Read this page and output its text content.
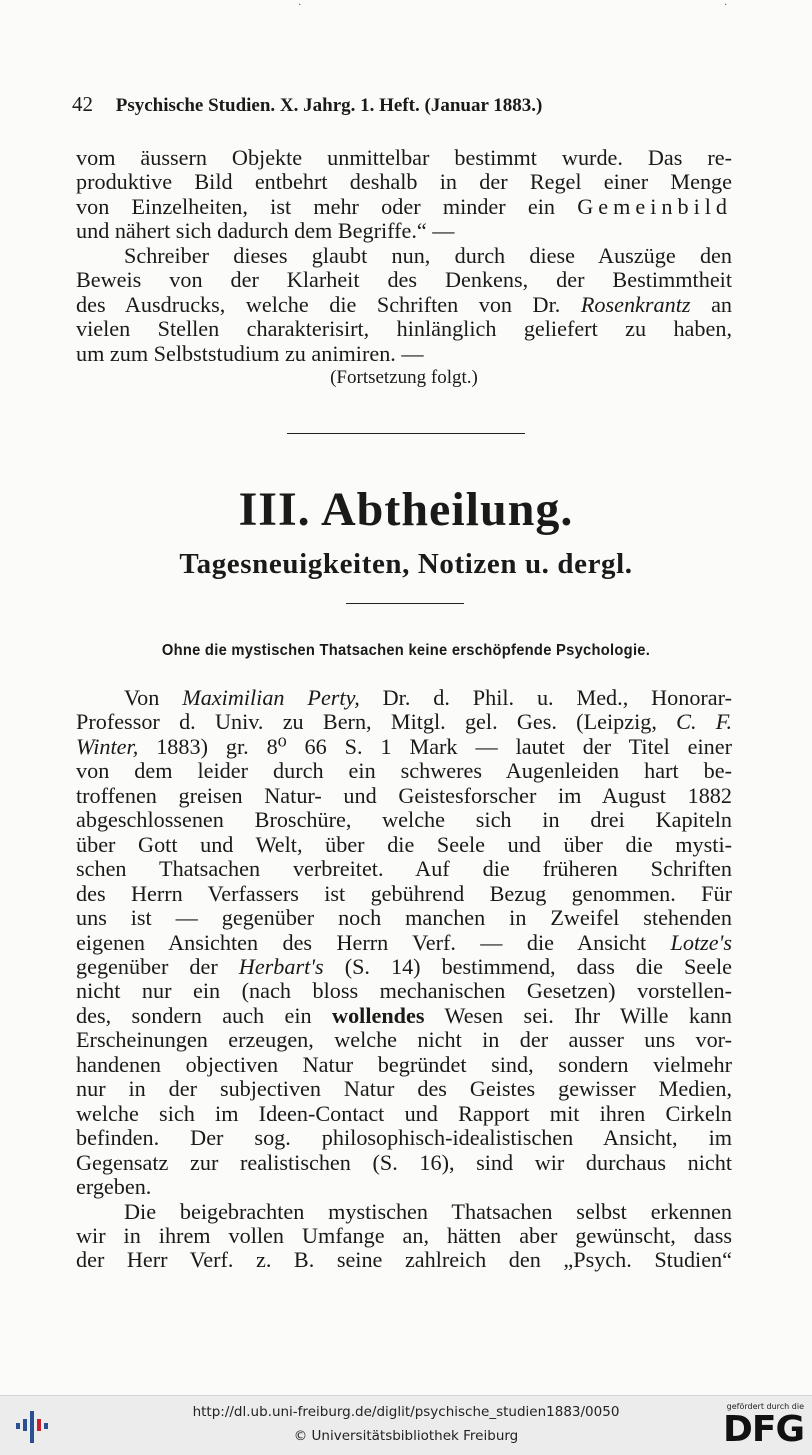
·	·
42 Psychische Studien. X. Jahrg. 1. Heft. (Januar 1883.)
vom äussern Objekte unmittelbar bestimmt wurde. Das re-
produktive Bild entbehrt deshalb in der Regel einer Menge
von Einzelheiten, ist mehr oder minder ein Gemeinbild
und nähert sich dadurch dem Begriffe.“ —
Schreiber dieses glaubt nun, durch diese Auszüge den
Beweis von der Klarheit des Denkens, der Bestimmtheit
des Ausdrucks, welche die Schriften von Dr. Rosenkrantz an
vielen Stellen charakterisirt, hinlänglich geliefert zu haben,
um zum Selbststudium zu animiren. —
(Fortsetzung folgt.)
III. Abtheilung.
Tagesneuigkeiten, Notizen u. dergl.
Ohne die mystischen Thatsachen keine erschöpfende Psychologie.
Von Maximilian Perty, Dr. d. Phil. u. Med., Honorar-
Professor d. Univ. zu Bern, Mitgl. gel. Ges. (Leipzig, C. F.
Winter, 1883) gr. 8⁰ 66 S. 1 Mark — lautet der Titel einer
von dem leider durch ein schweres Augenleiden hart be-
troffenen greisen Natur- und Geistesforscher im August 1882
abgeschlossenen Broschüre, welche sich in drei Kapiteln
über Gott und Welt, über die Seele und über die mysti-
schen Thatsachen verbreitet. Auf die früheren Schriften
des Herrn Verfassers ist gebührend Bezug genommen. Für
uns ist — gegenüber noch manchen in Zweifel stehenden
eigenen Ansichten des Herrn Verf. — die Ansicht Lotze's
gegenüber der Herbart's (S. 14) bestimmend, dass die Seele
nicht nur ein (nach bloss mechanischen Gesetzen) vorstellen-
des, sondern auch ein wollendes Wesen sei. Ihr Wille kann
Erscheinungen erzeugen, welche nicht in der ausser uns vor-
handenen objectiven Natur begründet sind, sondern vielmehr
nur in der subjectiven Natur des Geistes gewisser Medien,
welche sich im Ideen-Contact und Rapport mit ihren Cirkeln
befinden. Der sog. philosophisch-idealistischen Ansicht, im
Gegensatz zur realistischen (S. 16), sind wir durchaus nicht
ergeben.
Die beigebrachten mystischen Thatsachen selbst erkennen
wir in ihrem vollen Umfange an, hätten aber gewünscht, dass
der Herr Verf. z. B. seine zahlreich den „Psych. Studien“
http://dl.ub.uni-freiburg.de/diglit/psychische_studien1883/0050
© Universitätsbibliothek Freiburg
gefördert durch die
DFG
